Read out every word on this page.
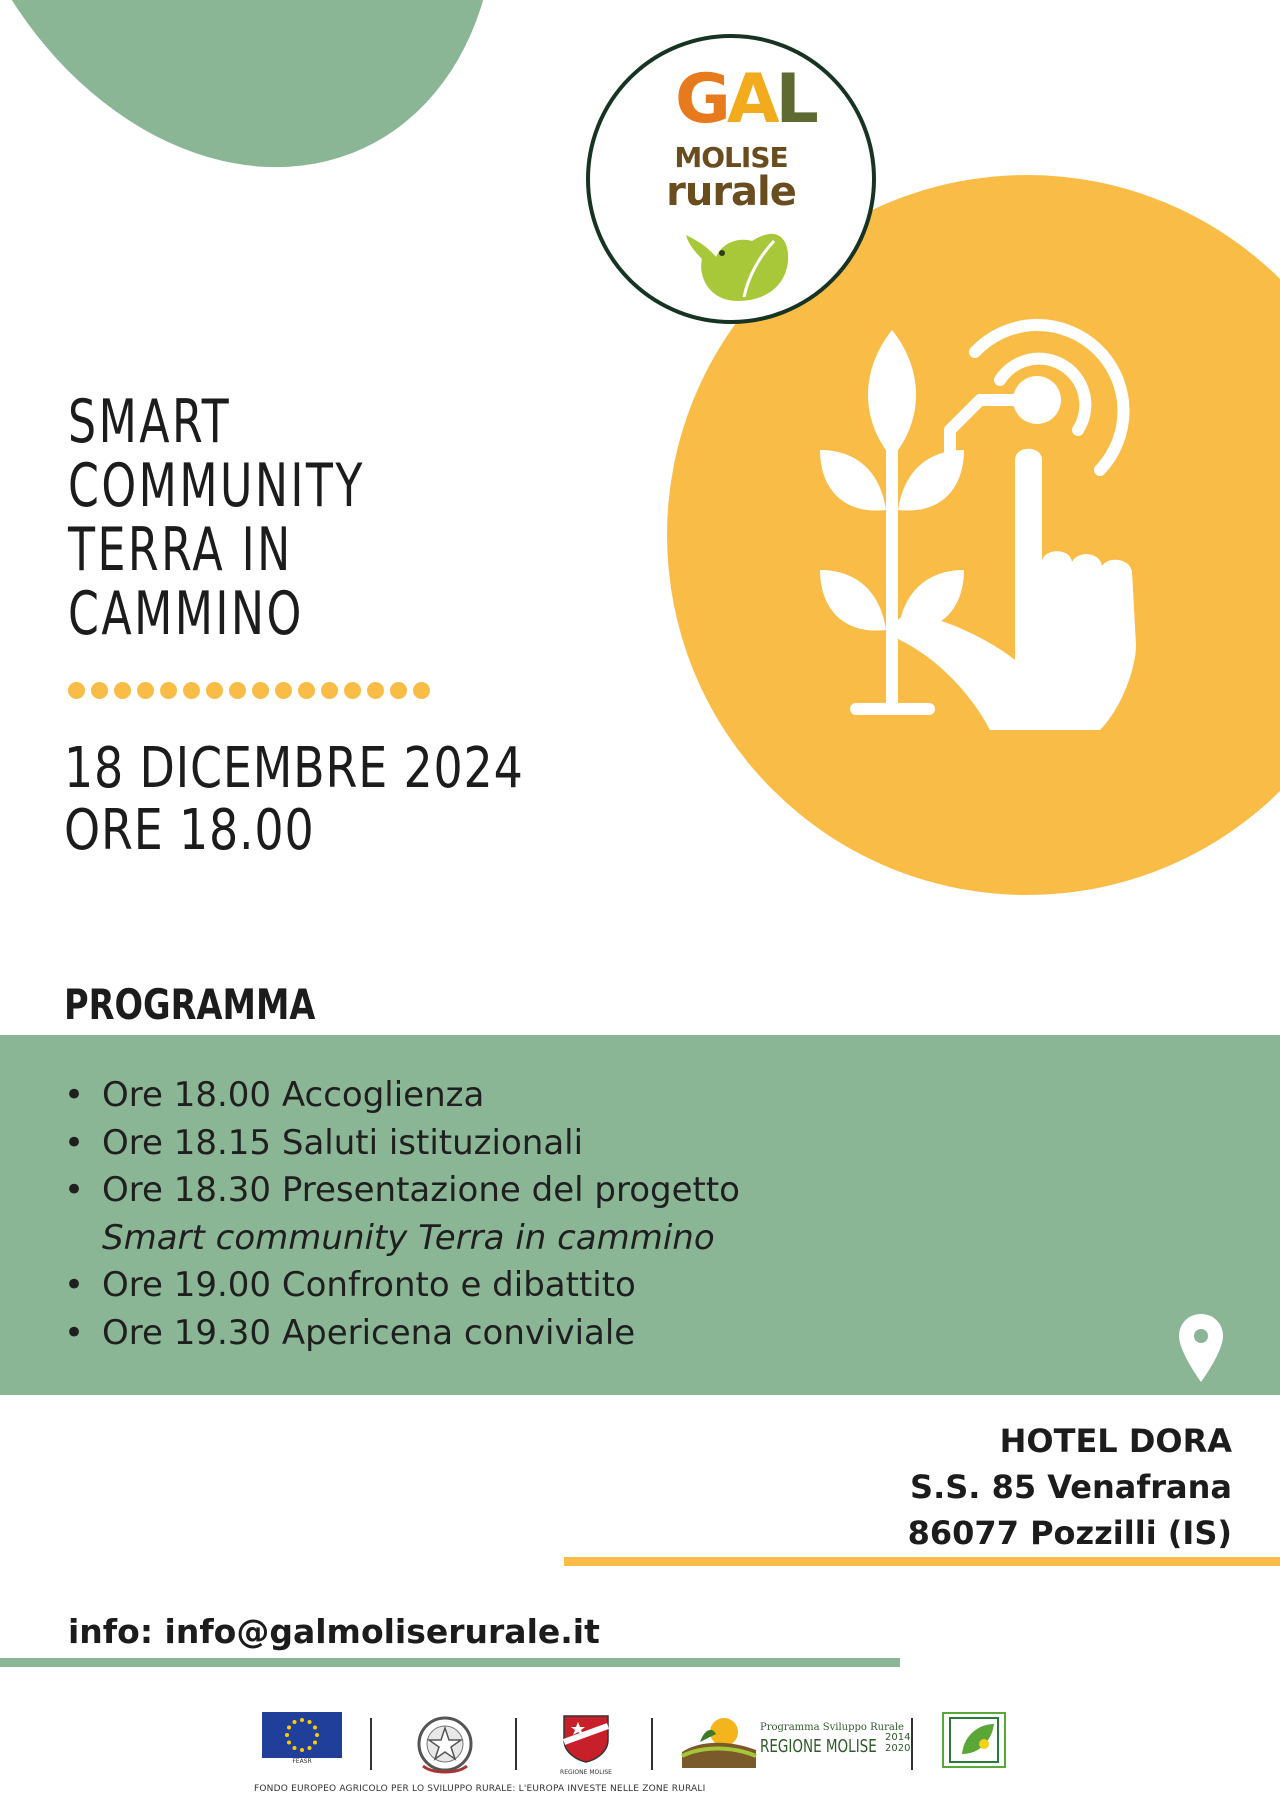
GAL
MOLISE
rurale
SMART
COMMUNITY
TERRA IN
CAMMINO
18 DICEMBRE 2024
ORE 18.00
PROGRAMMA
• Ore 18.00 Accoglienza
• Ore 18.15 Saluti istituzionali
• Ore 18.30 Presentazione del progetto
Smart community Terra in cammino
• Ore 19.00 Confronto e dibattito
• Ore 19.30 Apericena conviviale
HOTEL DORA
S.S. 85 Venafrana
86077 Pozzilli (IS)
info: info@galmoliserurale.it
FEASR
REGIONE MOLISE
Programma Sviluppo Rurale
REGIONE MOLISE 2014
2020
FONDO EUROPEO AGRICOLO PER LO SVILUPPO RURALE: L'EUROPA INVESTE NELLE ZONE RURALI
